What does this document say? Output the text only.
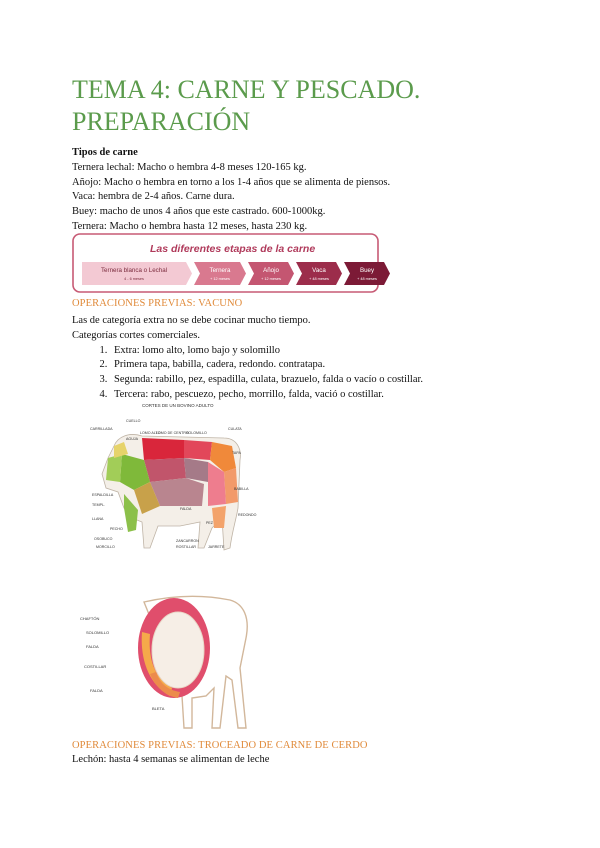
TEMA 4: CARNE Y PESCADO. PREPARACIÓN

Tipos de carne

Ternera lechal: Macho o hembra 4-8 meses 120-165 kg.

Añojo: Macho o hembra en torno a los 1-4 años que se alimenta de piensos.

Vaca: hembra de 2-4 años. Carne dura.

Buey: macho de unos 4 años que este castrado. 600-1000kg.

Ternera: Macho o hembra hasta 12 meses, hasta 230 kg.

Las diferentes etapas de la carne
Ternera blanca o Lechal
4 - 6 meses
Ternera
+ 12 meses
Añojo
+ 12 meses
Vaca
+ 48 meses
Buey
+ 48 meses
OPERACIONES PREVIAS: VACUNO

Las de categoría extra no se debe cocinar mucho tiempo.

Categorías cortes comerciales.

1. Extra: lomo alto, lomo bajo y solomillo
2. Primera tapa, babilla, cadera, redondo. contratapa.
3. Segunda: rabillo, pez, espadilla, culata, brazuelo, falda o vacío o costillar.
4. Tercera: rabo, pescuezo, pecho, morrillo, falda, vació o costillar.
CORTES DE UN BOVINO ADULTO
CARRILLADA
CUELLO
AGUJA
LOMO ALTO
LOMO DE CENTRO
SOLOMILLO
CULATA
TAPA
BABILLA
REDONDO
PEZ
ESPALDILLA
TEMPL.
LLANA
FALDA
OSOBUCO
MORCILLO
PECHO
ZANCARRON
ROSTILLAR	JARRETE
CHAFTÓN
SOLOMILLO
FALDA
COSTILLAR
FALDA
BLETA
OPERACIONES PREVIAS: TROCEADO DE CARNE DE CERDO
Lechón: hasta 4 semanas se alimentan de leche
